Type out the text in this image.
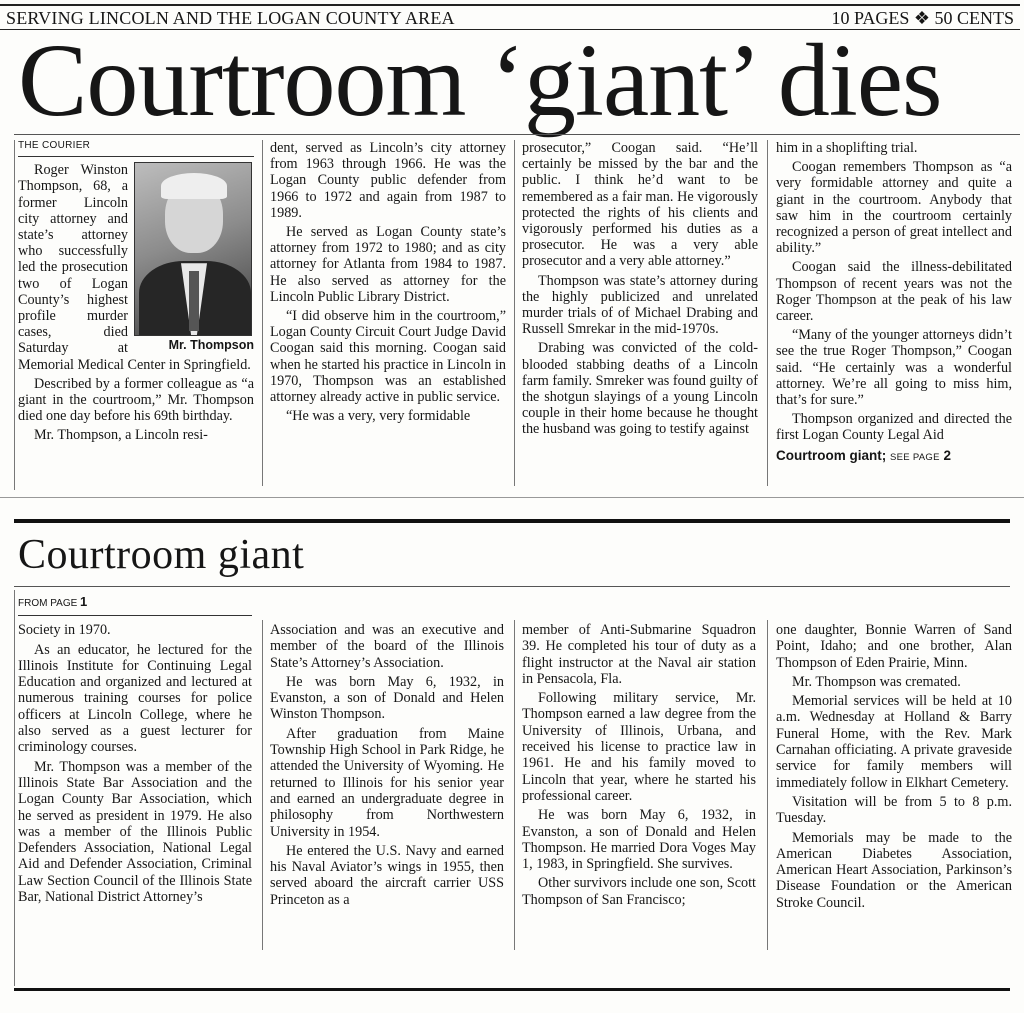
SERVING LINCOLN AND THE LOGAN COUNTY AREA	10 PAGES ❖ 50 CENTS
Courtroom ‘giant’ dies
THE COURIER
Mr. Thompson

Roger Winston Thompson, 68, a former Lincoln city attorney and state’s attorney who successfully led the prosecution two of Logan County’s highest profile murder cases, died Saturday at Memorial Medical Center in Springfield.

Described by a former colleague as “a giant in the courtroom,” Mr. Thompson died one day before his 69th birthday.

Mr. Thompson, a Lincoln resi-

dent, served as Lincoln’s city attorney from 1963 through 1966. He was the Logan County public defender from 1966 to 1972 and again from 1987 to 1989.

He served as Logan County state’s attorney from 1972 to 1980; and as city attorney for Atlanta from 1984 to 1987. He also served as attorney for the Lincoln Public Library District.

“I did observe him in the courtroom,” Logan County Circuit Court Judge David Coogan said this morning. Coogan said when he started his practice in Lincoln in 1970, Thompson was an established attorney already active in public service.

“He was a very, very formidable

prosecutor,” Coogan said. “He’ll certainly be missed by the bar and the public. I think he’d want to be remembered as a fair man. He vigorously protected the rights of his clients and vigorously performed his duties as a prosecutor. He was a very able prosecutor and a very able attorney.”

Thompson was state’s attorney during the highly publicized and unrelated murder trials of of Michael Drabing and Russell Smrekar in the mid-1970s.

Drabing was convicted of the cold-blooded stabbing deaths of a Lincoln farm family. Smreker was found guilty of the shotgun slayings of a young Lincoln couple in their home because he thought the husband was going to testify against

him in a shoplifting trial.

Coogan remembers Thompson as “a very formidable attorney and quite a giant in the courtroom. Anybody that saw him in the courtroom certainly recognized a person of great intellect and ability.”

Coogan said the illness-debilitated Thompson of recent years was not the Roger Thompson at the peak of his law career.

“Many of the younger attorneys didn’t see the true Roger Thompson,” Coogan said. “He certainly was a wonderful attorney. We’re all going to miss him, that’s for sure.”

Thompson organized and directed the first Logan County Legal Aid

Courtroom giant; SEE PAGE 2
Courtroom giant
FROM PAGE 1

Society in 1970.

As an educator, he lectured for the Illinois Institute for Continuing Legal Education and organized and lectured at numerous training courses for police officers at Lincoln College, where he also served as a guest lecturer for criminology courses.

Mr. Thompson was a member of the Illinois State Bar Association and the Logan County Bar Association, which he served as president in 1979. He also was a member of the Illinois Public Defenders Association, National Legal Aid and Defender Association, Criminal Law Section Council of the Illinois State Bar, National District Attorney’s

Association and was an executive and member of the board of the Illinois State’s Attorney’s Association.

He was born May 6, 1932, in Evanston, a son of Donald and Helen Winston Thompson.

After graduation from Maine Township High School in Park Ridge, he attended the University of Wyoming. He returned to Illinois for his senior year and earned an undergraduate degree in philosophy from Northwestern University in 1954.

He entered the U.S. Navy and earned his Naval Aviator’s wings in 1955, then served aboard the aircraft carrier USS Princeton as a

member of Anti-Submarine Squadron 39. He completed his tour of duty as a flight instructor at the Naval air station in Pensacola, Fla.

Following military service, Mr. Thompson earned a law degree from the University of Illinois, Urbana, and received his license to practice law in 1961. He and his family moved to Lincoln that year, where he started his professional career.

He was born May 6, 1932, in Evanston, a son of Donald and Helen Thompson. He married Dora Voges May 1, 1983, in Springfield. She survives.

Other survivors include one son, Scott Thompson of San Francisco;

one daughter, Bonnie Warren of Sand Point, Idaho; and one brother, Alan Thompson of Eden Prairie, Minn.

Mr. Thompson was cremated.

Memorial services will be held at 10 a.m. Wednesday at Holland & Barry Funeral Home, with the Rev. Mark Carnahan officiating. A private graveside service for family members will immediately follow in Elkhart Cemetery.

Visitation will be from 5 to 8 p.m. Tuesday.

Memorials may be made to the American Diabetes Association, American Heart Association, Parkinson’s Disease Foundation or the American Stroke Council.
